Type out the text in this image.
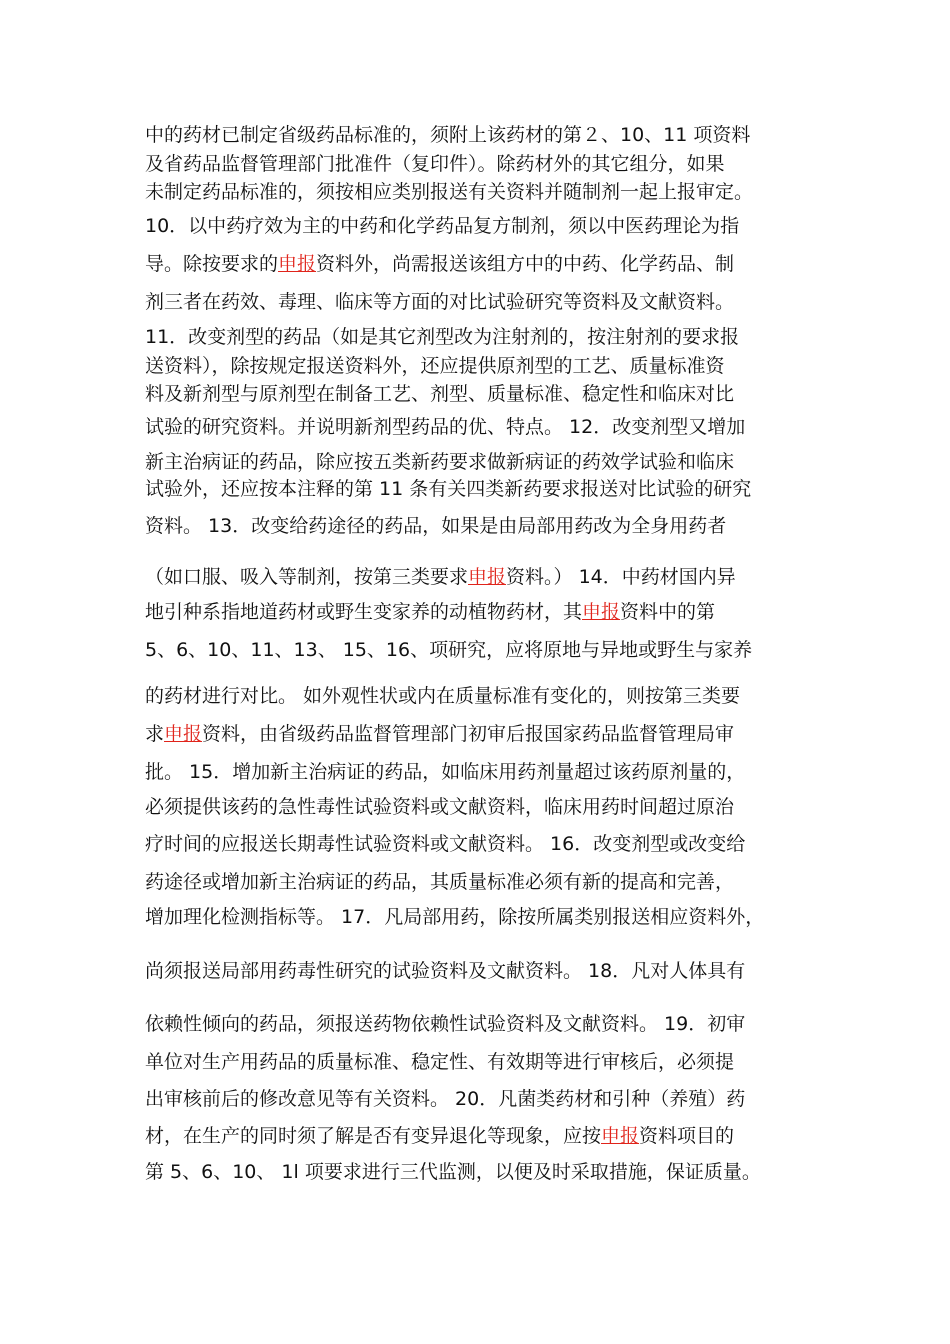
中的药材已制定省级药品标准的，须附上该药材的第２、10、11 项资料
及省药品监督管理部门批准件（复印件）。除药材外的其它组分，如果
未制定药品标准的，须按相应类别报送有关资料并随制剂一起上报审定。
10．以中药疗效为主的中药和化学药品复方制剂，须以中医药理论为指
导。除按要求的申报资料外，尚需报送该组方中的中药、化学药品、制
剂三者在药效、毒理、临床等方面的对比试验研究等资料及文献资料。
11．改变剂型的药品（如是其它剂型改为注射剂的，按注射剂的要求报
送资料），除按规定报送资料外，还应提供原剂型的工艺、质量标准资
料及新剂型与原剂型在制备工艺、剂型、质量标准、稳定性和临床对比
试验的研究资料。并说明新剂型药品的优、特点。 12．改变剂型又增加
新主治病证的药品，除应按五类新药要求做新病证的药效学试验和临床
试验外，还应按本注释的第 11 条有关四类新药要求报送对比试验的研究
资料。 13．改变给药途径的药品，如果是由局部用药改为全身用药者
（如口服、吸入等制剂，按第三类要求申报资料。） 14．中药材国内异
地引种系指地道药材或野生变家养的动植物药材，其申报资料中的第
5、6、10、11、13、 15、16、项研究，应将原地与异地或野生与家养
的药材进行对比。 如外观性状或内在质量标准有变化的，则按第三类要
求申报资料，由省级药品监督管理部门初审后报国家药品监督管理局审
批。 15．增加新主治病证的药品，如临床用药剂量超过该药原剂量的，
必须提供该药的急性毒性试验资料或文献资料，临床用药时间超过原治
疗时间的应报送长期毒性试验资料或文献资料。 16．改变剂型或改变给
药途径或增加新主治病证的药品，其质量标准必须有新的提高和完善，
增加理化检测指标等。 17．凡局部用药，除按所属类别报送相应资料外，
尚须报送局部用药毒性研究的试验资料及文献资料。 18．凡对人体具有
依赖性倾向的药品，须报送药物依赖性试验资料及文献资料。 19．初审
单位对生产用药品的质量标准、稳定性、有效期等进行审核后，必须提
出审核前后的修改意见等有关资料。 20．凡菌类药材和引种（养殖）药
材，在生产的同时须了解是否有变异退化等现象，应按申报资料项目的
第 5、6、10、 1l 项要求进行三代监测，以便及时采取措施，保证质量。
